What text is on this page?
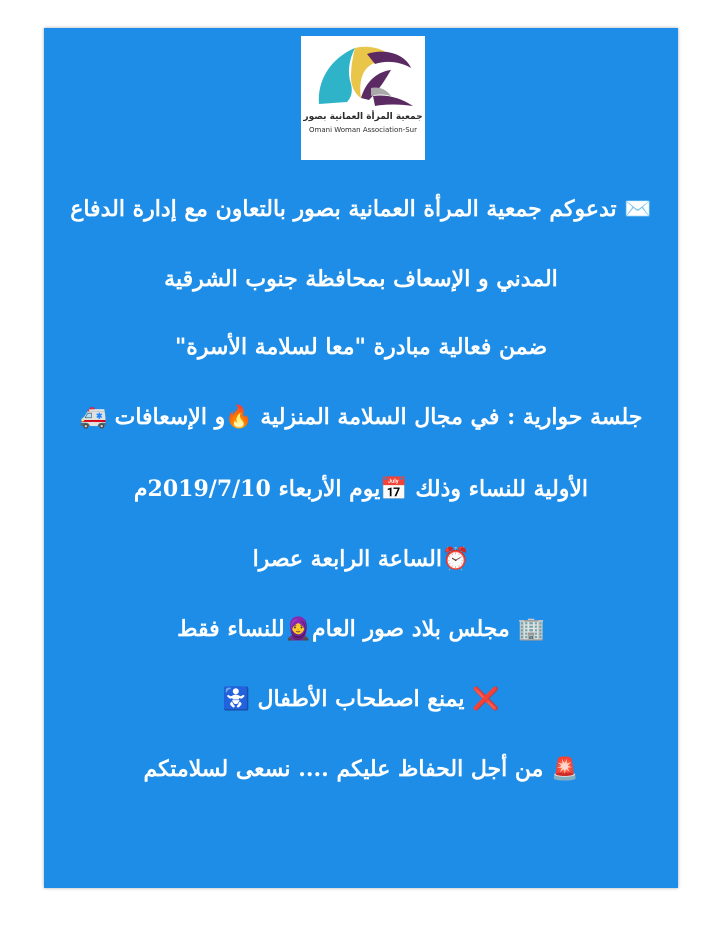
جمعية المرأة العمانية بصور
Omani Woman Association-Sur
✉️ تدعوكم جمعية المرأة العمانية بصور بالتعاون مع إدارة الدفاع
المدني و الإسعاف بمحافظة جنوب الشرقية
ضمن فعالية مبادرة "معا لسلامة الأسرة"
جلسة حوارية : في مجال السلامة المنزلية 🔥و الإسعافات 🚑
الأولية للنساء وذلك 📅يوم الأربعاء 2019/7/10م
⏰الساعة الرابعة عصرا
🏢 مجلس بلاد صور العام🧕للنساء فقط
❌ يمنع اصطحاب الأطفال 🚼
🚨 من أجل الحفاظ عليكم .... نسعى لسلامتكم
